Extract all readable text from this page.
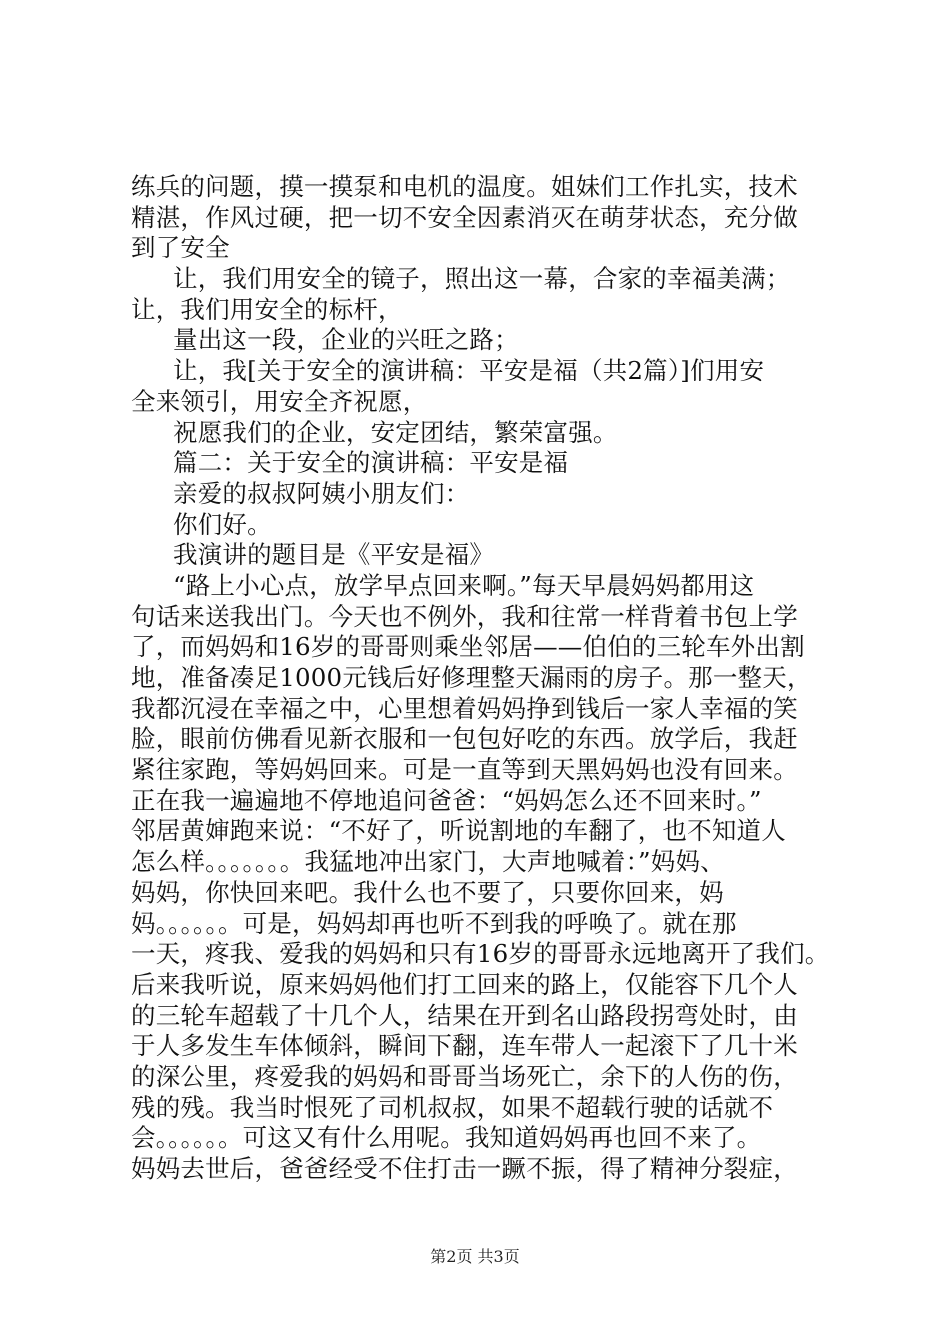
练兵的问题，摸一摸泵和电机的温度。姐妹们工作扎实，技术
精湛，作风过硬，把一切不安全因素消灭在萌芽状态，充分做
到了安全
让，我们用安全的镜子，照出这一幕，合家的幸福美满；
让，我们用安全的标杆，
量出这一段，企业的兴旺之路；
让，我[关于安全的演讲稿：平安是福（共2篇）]们用安
全来领引，用安全齐祝愿，
祝愿我们的企业，安定团结，繁荣富强。
篇二：关于安全的演讲稿：平安是福
亲爱的叔叔阿姨小朋友们：
你们好。
我演讲的题目是《平安是福》
“路上小心点，放学早点回来啊。”每天早晨妈妈都用这
句话来送我出门。今天也不例外，我和往常一样背着书包上学
了，而妈妈和16岁的哥哥则乘坐邻居——伯伯的三轮车外出割
地，准备凑足1000元钱后好修理整天漏雨的房子。那一整天，
我都沉浸在幸福之中，心里想着妈妈挣到钱后一家人幸福的笑
脸，眼前仿佛看见新衣服和一包包好吃的东西。放学后，我赶
紧往家跑，等妈妈回来。可是一直等到天黑妈妈也没有回来。
正在我一遍遍地不停地追问爸爸：“妈妈怎么还不回来时。”
邻居黄婶跑来说：“不好了，听说割地的车翻了，也不知道人
怎么样。。。。。。。我猛地冲出家门，大声地喊着：”妈妈、
妈妈，你快回来吧。我什么也不要了，只要你回来，妈
妈。。。。。。可是，妈妈却再也听不到我的呼唤了。就在那
一天，疼我、爱我的妈妈和只有16岁的哥哥永远地离开了我们。
后来我听说，原来妈妈他们打工回来的路上，仅能容下几个人
的三轮车超载了十几个人，结果在开到名山路段拐弯处时，由
于人多发生车体倾斜，瞬间下翻，连车带人一起滚下了几十米
的深公里，疼爱我的妈妈和哥哥当场死亡，余下的人伤的伤，
残的残。我当时恨死了司机叔叔，如果不超载行驶的话就不
会。。。。。。可这又有什么用呢。我知道妈妈再也回不来了。
妈妈去世后，爸爸经受不住打击一蹶不振，得了精神分裂症，
第2页 共3页
